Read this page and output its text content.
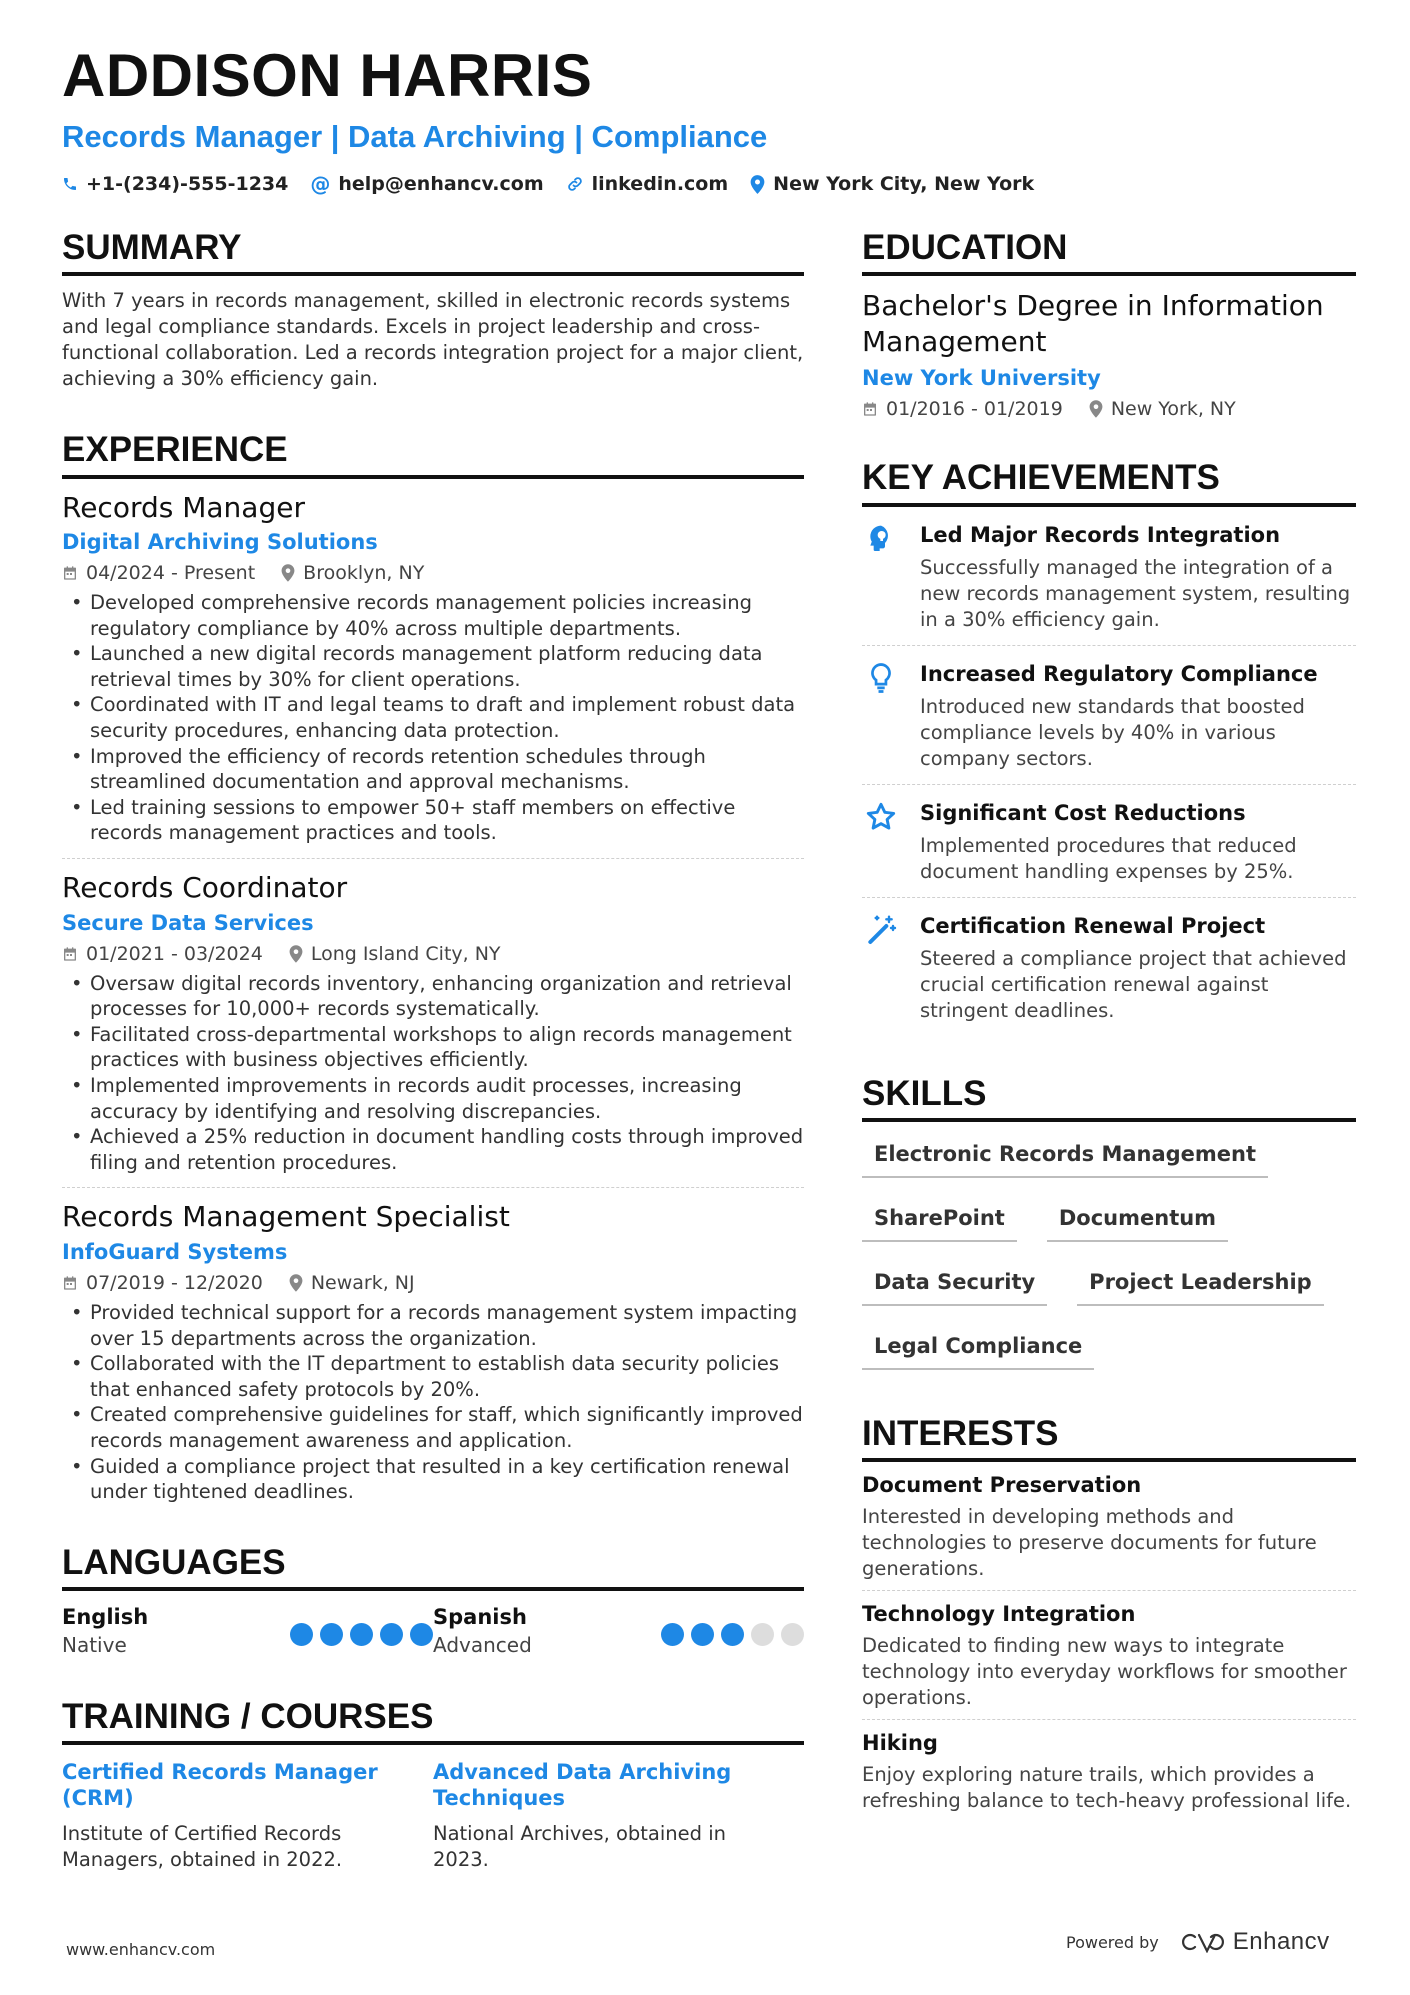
ADDISON HARRIS
Records Manager | Data Archiving | Compliance
+1-(234)-555-1234 @ help@enhancv.com	linkedin.com New York City, New York
SUMMARY

With 7 years in records management, skilled in electronic records systems and legal compliance standards. Excels in project leadership and cross-functional collaboration. Led a records integration project for a major client, achieving a 30% efficiency gain.

EXPERIENCE
Records Manager
Digital Archiving Solutions
04/2024 - Present	Brooklyn, NY
• Developed comprehensive records management policies increasing regulatory compliance by 40% across multiple departments.
• Launched a new digital records management platform reducing data retrieval times by 30% for client operations.
• Coordinated with IT and legal teams to draft and implement robust data security procedures, enhancing data protection.
• Improved the efficiency of records retention schedules through streamlined documentation and approval mechanisms.
• Led training sessions to empower 50+ staff members on effective records management practices and tools.
Records Coordinator
Secure Data Services
01/2021 - 03/2024	Long Island City, NY
• Oversaw digital records inventory, enhancing organization and retrieval processes for 10,000+ records systematically.
• Facilitated cross-departmental workshops to align records management practices with business objectives efficiently.
• Implemented improvements in records audit processes, increasing accuracy by identifying and resolving discrepancies.
• Achieved a 25% reduction in document handling costs through improved filing and retention procedures.
Records Management Specialist
InfoGuard Systems
07/2019 - 12/2020	Newark, NJ
• Provided technical support for a records management system impacting over 15 departments across the organization.
• Collaborated with the IT department to establish data security policies that enhanced safety protocols by 20%.
• Created comprehensive guidelines for staff, which significantly improved records management awareness and application.
• Guided a compliance project that resulted in a key certification renewal under tightened deadlines.
LANGUAGES
English
Native
Spanish
Advanced
TRAINING / COURSES
Certified Records Manager (CRM)
Institute of Certified Records Managers, obtained in 2022.
Advanced Data Archiving Techniques
National Archives, obtained in 2023.
EDUCATION
Bachelor's Degree in Information Management
New York University
01/2016 - 01/2019	New York, NY
KEY ACHIEVEMENTS
Led Major Records Integration
Successfully managed the integration of a new records management system, resulting in a 30% efficiency gain.
Increased Regulatory Compliance
Introduced new standards that boosted compliance levels by 40% in various company sectors.
Significant Cost Reductions
Implemented procedures that reduced document handling expenses by 25%.
Certification Renewal Project
Steered a compliance project that achieved crucial certification renewal against stringent deadlines.
SKILLS
Electronic Records Management
SharePoint	Documentum
Data Security	Project Leadership
Legal Compliance
INTERESTS
Document Preservation
Interested in developing methods and technologies to preserve documents for future generations.
Technology Integration
Dedicated to finding new ways to integrate technology into everyday workflows for smoother operations.
Hiking
Enjoy exploring nature trails, which provides a refreshing balance to tech-heavy professional life.
www.enhancv.com	Powered by	Enhancv
